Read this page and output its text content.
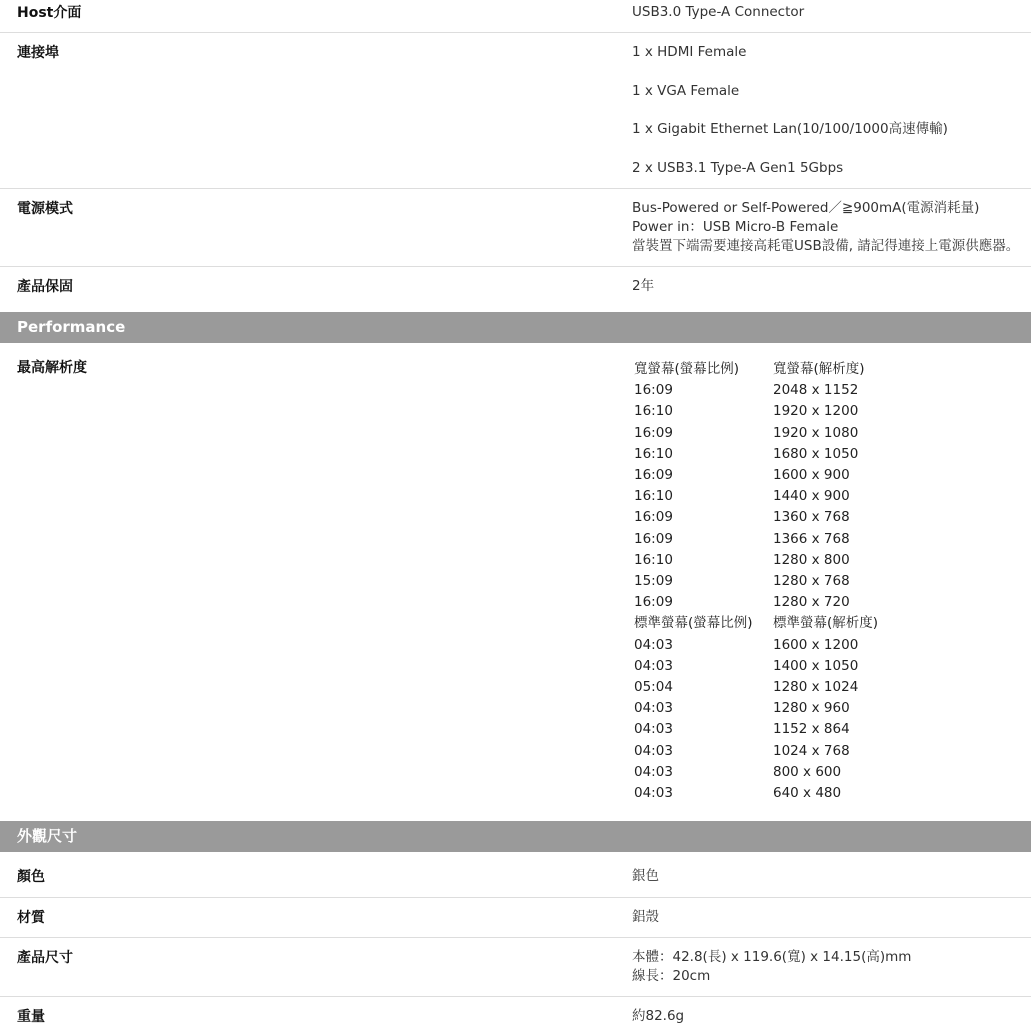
Host介面	USB3.0 Type-A Connector
連接埠	1 x HDMI Female
1 x VGA Female
1 x Gigabit Ethernet Lan(10/100/1000高速傳輸)
2 x USB3.1 Type-A Gen1 5Gbps
電源模式	Bus-Powered or Self-Powered／≧900mA(電源消耗量)
Power in：USB Micro-B Female
當裝置下端需要連接高耗電USB設備, 請記得連接上電源供應器。
產品保固	2年
Performance
最高解析度	寬螢幕(螢幕比例)	寬螢幕(解析度)
16:09	2048 x 1152
16:10	1920 x 1200
16:09	1920 x 1080
16:10	1680 x 1050
16:09	1600 x 900
16:10	1440 x 900
16:09	1360 x 768
16:09	1366 x 768
16:10	1280 x 800
15:09	1280 x 768
16:09	1280 x 720
標準螢幕(螢幕比例)	標準螢幕(解析度)
04:03	1600 x 1200
04:03	1400 x 1050
05:04	1280 x 1024
04:03	1280 x 960
04:03	1152 x 864
04:03	1024 x 768
04:03	800 x 600
04:03	640 x 480
外觀尺寸
顏色	銀色
材質	鋁殼
產品尺寸	本體：42.8(長) x 119.6(寬) x 14.15(高)mm
線長：20cm
重量	約82.6g
